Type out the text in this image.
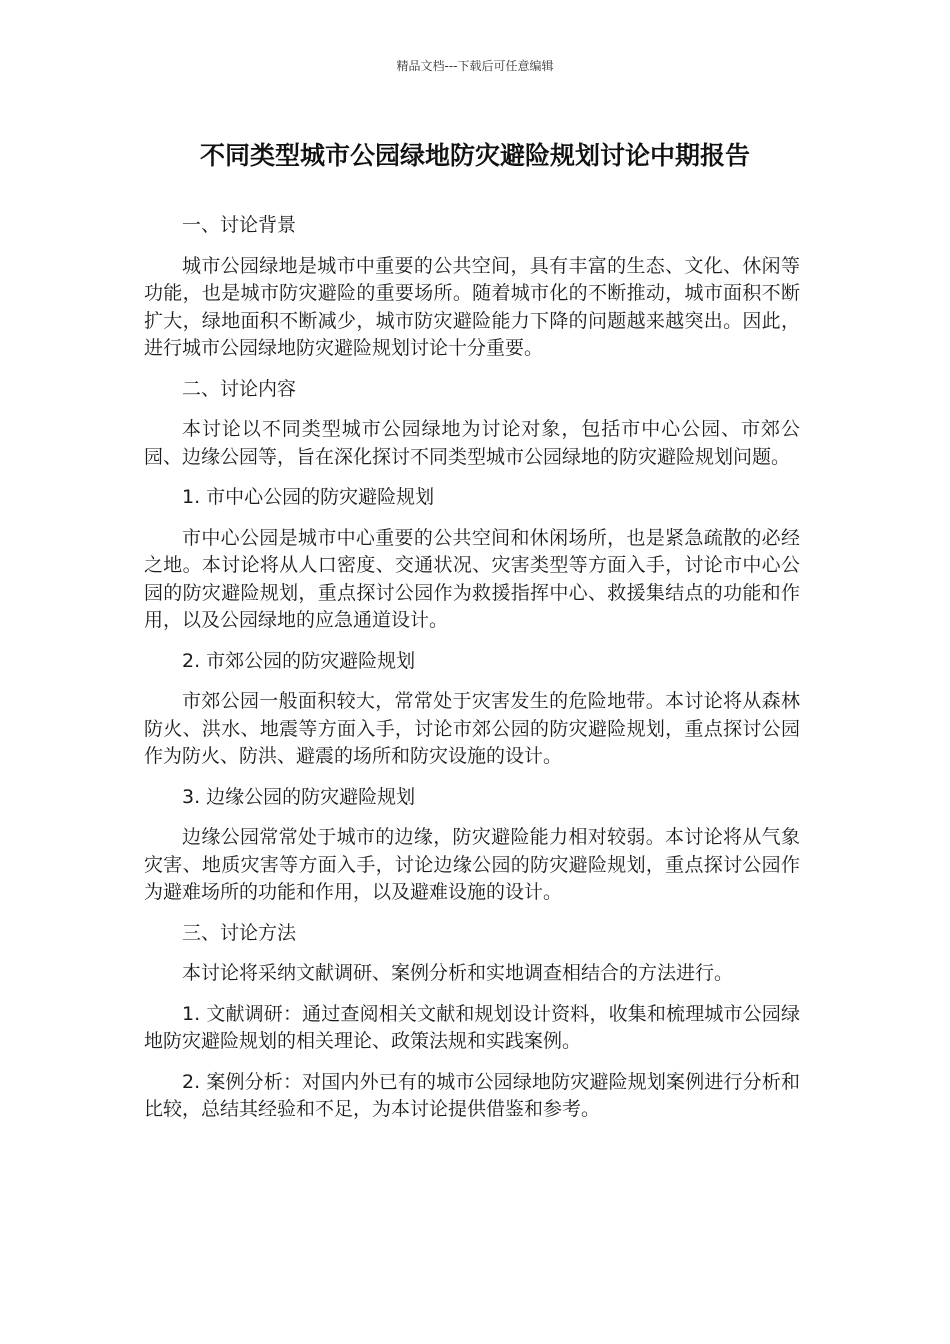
精品文档---下载后可任意编辑
不同类型城市公园绿地防灾避险规划讨论中期报告
一、讨论背景
城市公园绿地是城市中重要的公共空间，具有丰富的生态、文化、休闲等功能，也是城市防灾避险的重要场所。随着城市化的不断推动，城市面积不断扩大，绿地面积不断减少，城市防灾避险能力下降的问题越来越突出。因此，进行城市公园绿地防灾避险规划讨论十分重要。
二、讨论内容
本讨论以不同类型城市公园绿地为讨论对象，包括市中心公园、市郊公园、边缘公园等，旨在深化探讨不同类型城市公园绿地的防灾避险规划问题。
1. 市中心公园的防灾避险规划
市中心公园是城市中心重要的公共空间和休闲场所，也是紧急疏散的必经之地。本讨论将从人口密度、交通状况、灾害类型等方面入手，讨论市中心公园的防灾避险规划，重点探讨公园作为救援指挥中心、救援集结点的功能和作用，以及公园绿地的应急通道设计。
2. 市郊公园的防灾避险规划
市郊公园一般面积较大，常常处于灾害发生的危险地带。本讨论将从森林防火、洪水、地震等方面入手，讨论市郊公园的防灾避险规划，重点探讨公园作为防火、防洪、避震的场所和防灾设施的设计。
3. 边缘公园的防灾避险规划
边缘公园常常处于城市的边缘，防灾避险能力相对较弱。本讨论将从气象灾害、地质灾害等方面入手，讨论边缘公园的防灾避险规划，重点探讨公园作为避难场所的功能和作用，以及避难设施的设计。
三、讨论方法
本讨论将采纳文献调研、案例分析和实地调查相结合的方法进行。
1. 文献调研：通过查阅相关文献和规划设计资料，收集和梳理城市公园绿地防灾避险规划的相关理论、政策法规和实践案例。
2. 案例分析：对国内外已有的城市公园绿地防灾避险规划案例进行分析和比较，总结其经验和不足，为本讨论提供借鉴和参考。
